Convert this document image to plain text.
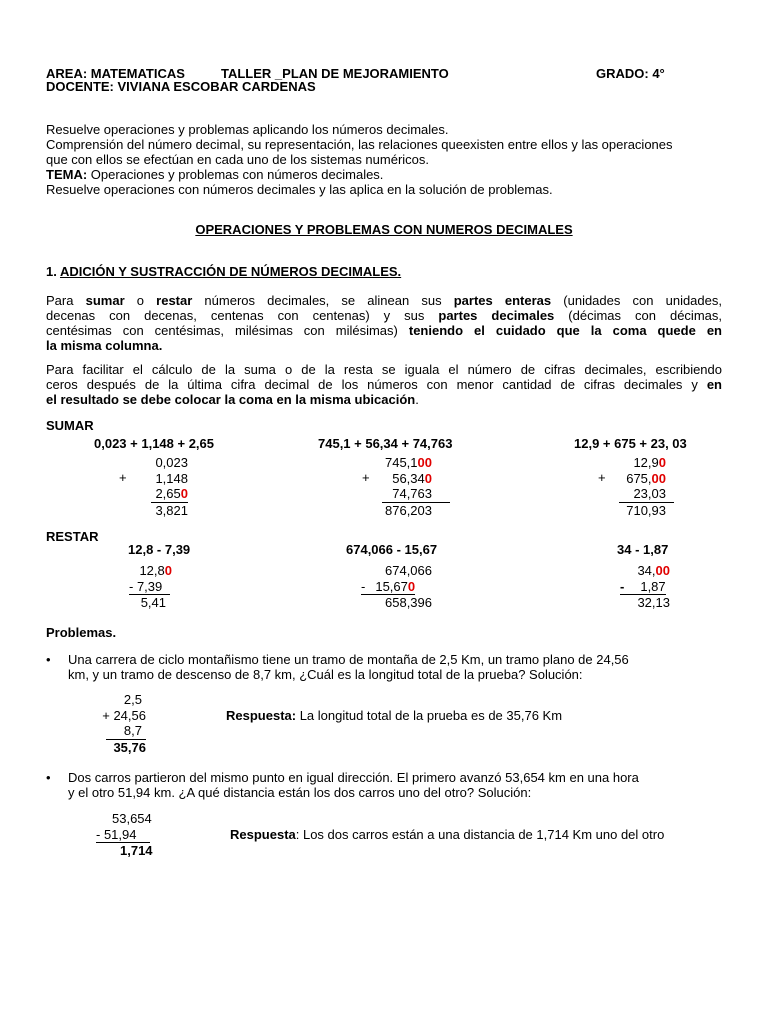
AREA: MATEMATICAS	TALLER _PLAN DE MEJORAMIENTO	GRADO: 4°
DOCENTE: VIVIANA ESCOBAR CARDENAS
Resuelve operaciones y problemas aplicando los números decimales.
Comprensión del número decimal, su representación, las relaciones queexisten entre ellos y las operaciones
que con ellos se efectúan en cada uno de los sistemas numéricos.
TEMA: Operaciones y problemas con números decimales.
Resuelve operaciones con números decimales y las aplica en la solución de problemas.
OPERACIONES Y PROBLEMAS CON NUMEROS DECIMALES
1. ADICIÓN Y SUSTRACCIÓN DE NÚMEROS DECIMALES.
Para sumar o restar números decimales, se alinean sus partes enteras (unidades con unidades,
decenas con decenas, centenas con centenas) y sus partes decimales (décimas con décimas,
centésimas con centésimas, milésimas con milésimas) teniendo el cuidado que la coma quede en
la misma columna.
Para facilitar el cálculo de la suma o de la resta se iguala el número de cifras decimales, escribiendo
ceros después de la última cifra decimal de los números con menor cantidad de cifras decimales y en
el resultado se debe colocar la coma en la misma ubicación.
SUMAR
0,023 + 1,148 + 2,65	745,1 + 56,34 + 74,763	12,9 + 675 + 23, 03
+
0,023
1,148
2,650
3,821
+
745,100
56,340
74,763
876,203
+
12,90
675,00
23,03
710,93
RESTAR
12,8 - 7,39	674,066 - 15,67	34 - 1,87
12,80
- 7,39
5,41
674,066
- 15,670
658,396
34,00
- 1,87
32,13
Problemas.
• Una carrera de ciclo montañismo tiene un tramo de montaña de 2,5 Km, un tramo plano de 24,56
km, y un tramo de descenso de 8,7 km, ¿Cuál es la longitud total de la prueba? Solución:
2,5
+ 24,56
8,7
35,76
Respuesta: La longitud total de la prueba es de 35,76 Km
• Dos carros partieron del mismo punto en igual dirección. El primero avanzó 53,654 km en una hora
y el otro 51,94 km. ¿A qué distancia están los dos carros uno del otro? Solución:
53,654
- 51,94
1,714
Respuesta: Los dos carros están a una distancia de 1,714 Km uno del otro
